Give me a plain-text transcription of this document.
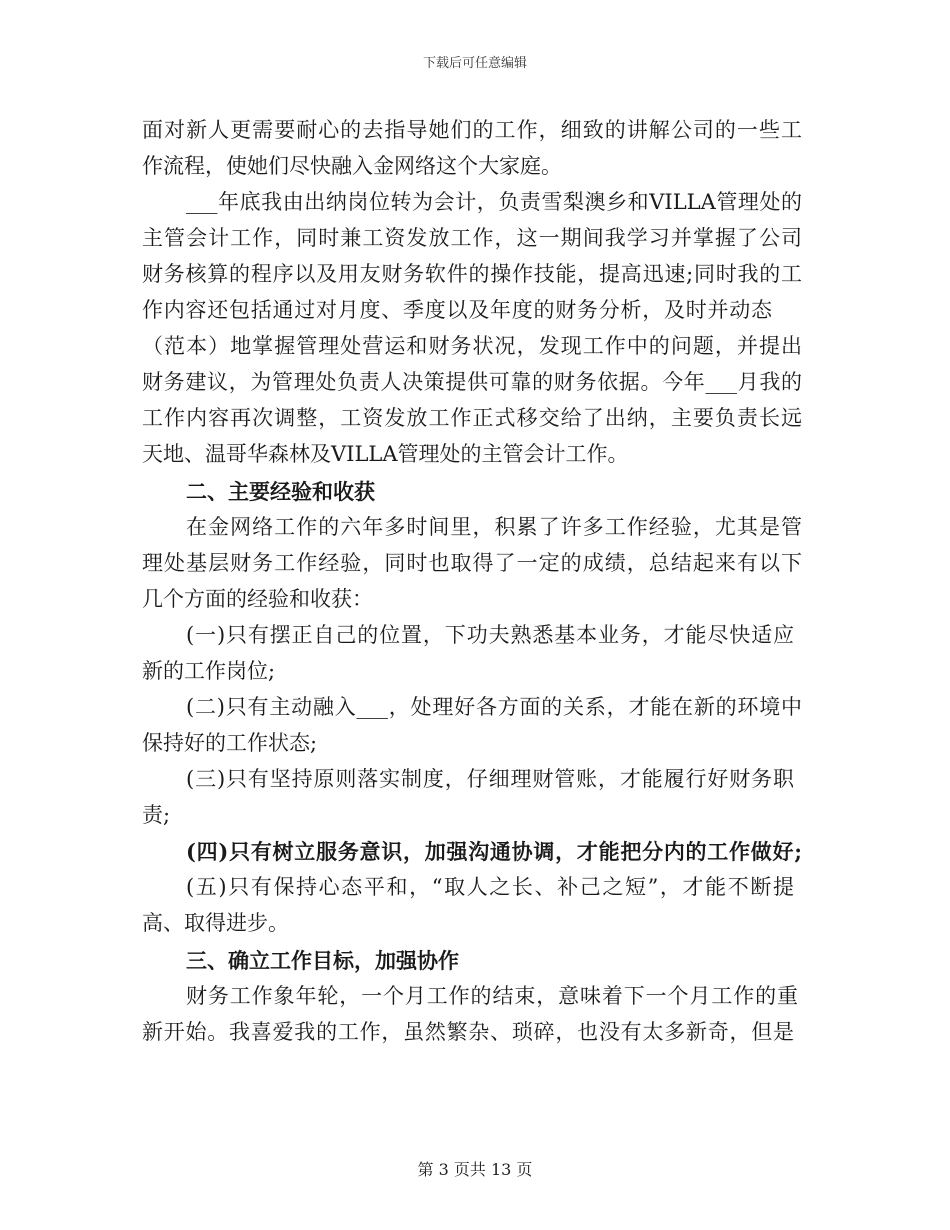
下载后可任意编辑
面对新人更需要耐心的去指导她们的工作，细致的讲解公司的一些工
作流程，使她们尽快融入金网络这个大家庭。
___年底我由出纳岗位转为会计，负责雪梨澳乡和VILLA管理处的
主管会计工作，同时兼工资发放工作，这一期间我学习并掌握了公司
财务核算的程序以及用友财务软件的操作技能，提高迅速;同时我的工
作内容还包括通过对月度、季度以及年度的财务分析，及时并动态
（范本）地掌握管理处营运和财务状况，发现工作中的问题，并提出
财务建议，为管理处负责人决策提供可靠的财务依据。今年___月我的
工作内容再次调整，工资发放工作正式移交给了出纳，主要负责长远
天地、温哥华森林及VILLA管理处的主管会计工作。
二、主要经验和收获
在金网络工作的六年多时间里，积累了许多工作经验，尤其是管
理处基层财务工作经验，同时也取得了一定的成绩，总结起来有以下
几个方面的经验和收获：
(一)只有摆正自己的位置，下功夫熟悉基本业务，才能尽快适应
新的工作岗位;
(二)只有主动融入___，处理好各方面的关系，才能在新的环境中
保持好的工作状态;
(三)只有坚持原则落实制度，仔细理财管账，才能履行好财务职
责;
(四)只有树立服务意识，加强沟通协调，才能把分内的工作做好;
(五)只有保持心态平和，“取人之长、补己之短”，才能不断提
高、取得进步。
三、确立工作目标，加强协作
财务工作象年轮，一个月工作的结束，意味着下一个月工作的重
新开始。我喜爱我的工作，虽然繁杂、琐碎，也没有太多新奇，但是
第 3 页共 13 页
